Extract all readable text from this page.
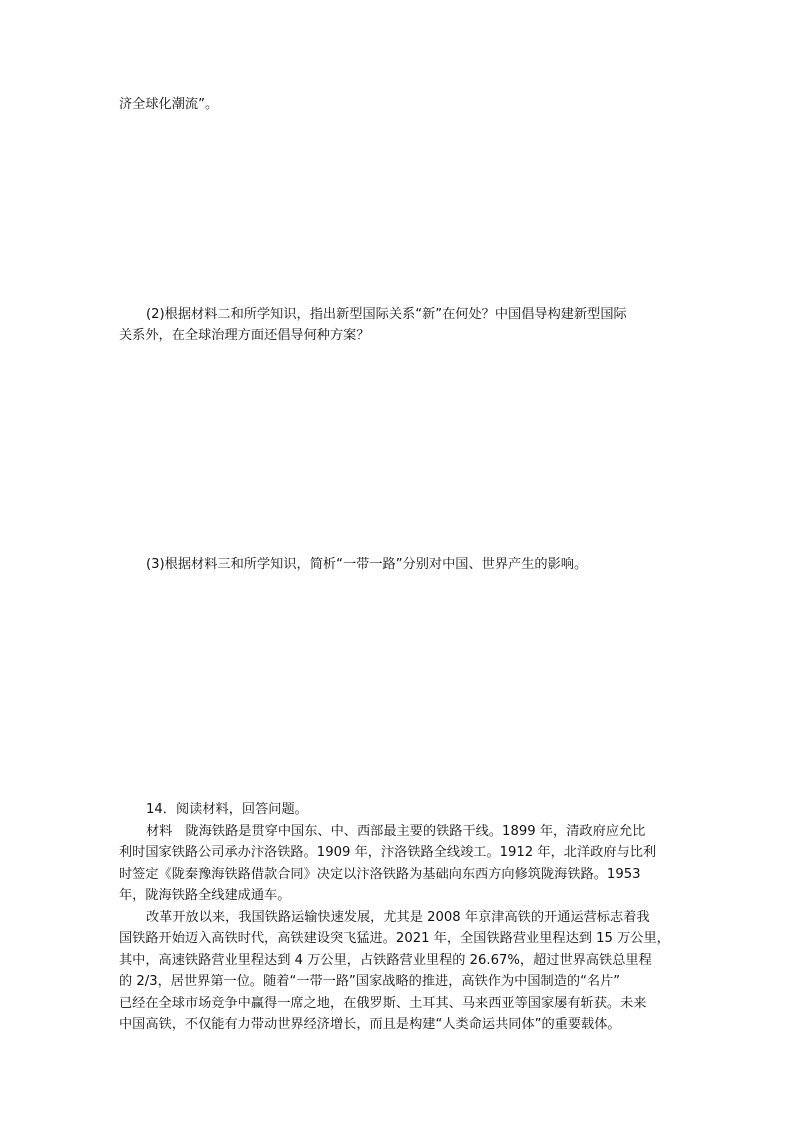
济全球化潮流”。

(2)根据材料二和所学知识，指出新型国际关系“新”在何处？中国倡导构建新型国际

关系外，在全球治理方面还倡导何种方案？

(3)根据材料三和所学知识，简析“一带一路”分别对中国、世界产生的影响。

14．阅读材料，回答问题。

材料　陇海铁路是贯穿中国东、中、西部最主要的铁路干线。1899 年，清政府应允比

利时国家铁路公司承办汴洛铁路。1909 年，汴洛铁路全线竣工。1912 年，北洋政府与比利

时签定《陇秦豫海铁路借款合同》决定以汴洛铁路为基础向东西方向修筑陇海铁路。1953

年，陇海铁路全线建成通车。

改革开放以来，我国铁路运输快速发展，尤其是 2008 年京津高铁的开通运营标志着我

国铁路开始迈入高铁时代，高铁建设突飞猛进。2021 年，全国铁路营业里程达到 15 万公里，

其中，高速铁路营业里程达到 4 万公里，占铁路营业里程的 26.67%，超过世界高铁总里程

的 2/3，居世界第一位。随着“一带一路”国家战略的推进，高铁作为中国制造的“名片”

已经在全球市场竞争中赢得一席之地，在俄罗斯、土耳其、马来西亚等国家屡有斩获。未来

中国高铁，不仅能有力带动世界经济增长，而且是构建“人类命运共同体”的重要载体。
